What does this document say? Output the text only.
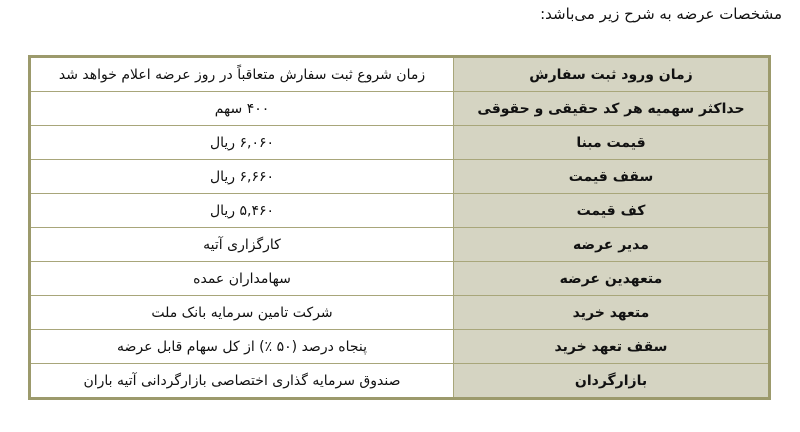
مشخصات عرضه به شرح زیر می‌باشد:
زمان ورود ثبت سفارش	زمان شروع ثبت سفارش متعاقباً در روز عرضه اعلام خواهد شد
حداکثر سهمیه هر کد حقیقی و حقوقی	۴۰۰ سهم
قیمت مبنا	۶,۰۶۰ ریال
سقف قیمت	۶,۶۶۰ ریال
کف قیمت	۵,۴۶۰ ریال
مدیر عرضه	کارگزاری آتیه
متعهدین عرضه	سهامداران عمده
متعهد خرید	شرکت تامین سرمایه بانک ملت
سقف تعهد خرید	پنجاه درصد (۵۰ ٪) از کل سهام قابل عرضه
بازارگردان	صندوق سرمایه گذاری اختصاصی بازارگردانی آتیه باران
